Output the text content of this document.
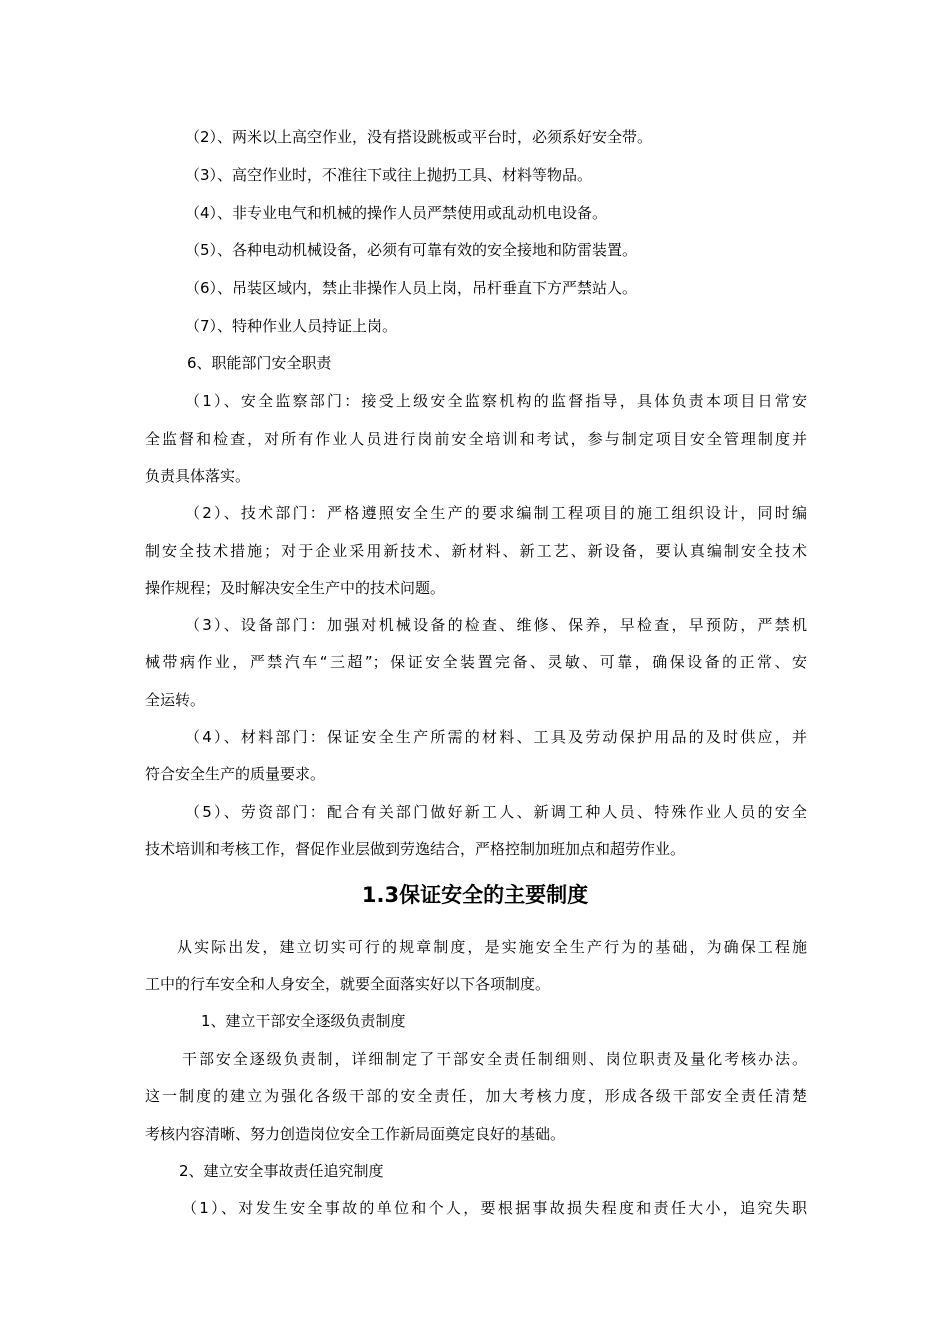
（2）、两米以上高空作业，没有搭设跳板或平台时，必须系好安全带。
（3）、高空作业时，不准往下或往上抛扔工具、材料等物品。
（4）、非专业电气和机械的操作人员严禁使用或乱动机电设备。
（5）、各种电动机械设备，必须有可靠有效的安全接地和防雷装置。
（6）、吊装区域内，禁止非操作人员上岗，吊杆垂直下方严禁站人。
（7）、特种作业人员持证上岗。
6、职能部门安全职责
（1）、安全监察部门：接受上级安全监察机构的监督指导，具体负责本项目日常安
全监督和检查，对所有作业人员进行岗前安全培训和考试，参与制定项目安全管理制度并
负责具体落实。
（2）、技术部门：严格遵照安全生产的要求编制工程项目的施工组织设计，同时编
制安全技术措施；对于企业采用新技术、新材料、新工艺、新设备，要认真编制安全技术
操作规程；及时解决安全生产中的技术问题。
（3）、设备部门：加强对机械设备的检查、维修、保养，早检查，早预防，严禁机
械带病作业，严禁汽车“三超”；保证安全装置完备、灵敏、可靠，确保设备的正常、安
全运转。
（4）、材料部门：保证安全生产所需的材料、工具及劳动保护用品的及时供应，并
符合安全生产的质量要求。
（5）、劳资部门：配合有关部门做好新工人、新调工种人员、特殊作业人员的安全
技术培训和考核工作，督促作业层做到劳逸结合，严格控制加班加点和超劳作业。
1.3保证安全的主要制度
从实际出发，建立切实可行的规章制度，是实施安全生产行为的基础，为确保工程施
工中的行车安全和人身安全，就要全面落实好以下各项制度。
1、建立干部安全逐级负责制度
干部安全逐级负责制，详细制定了干部安全责任制细则、岗位职责及量化考核办法。
这一制度的建立为强化各级干部的安全责任，加大考核力度，形成各级干部安全责任清楚
考核内容清晰、努力创造岗位安全工作新局面奠定良好的基础。
2、建立安全事故责任追究制度
（1）、对发生安全事故的单位和个人，要根据事故损失程度和责任大小，追究失职
